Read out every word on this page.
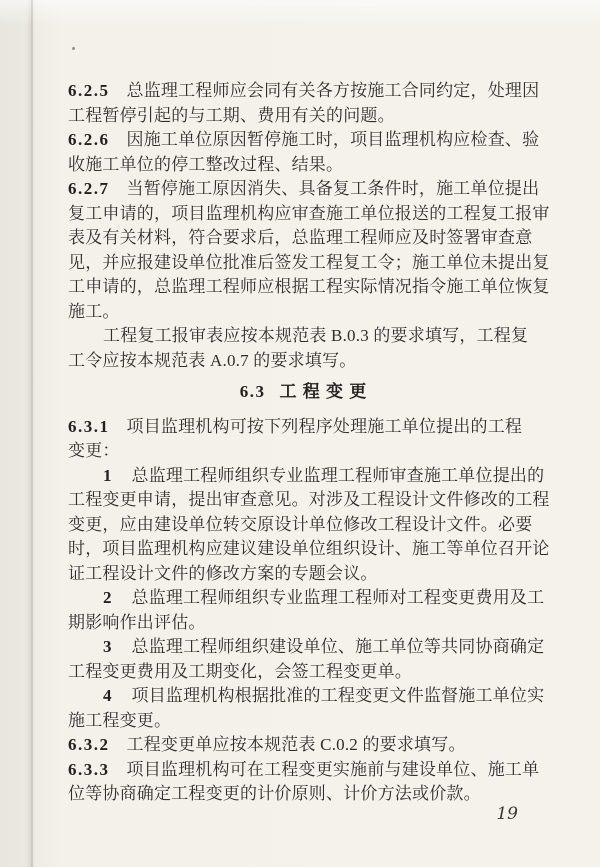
6.2.5 总监理工程师应会同有关各方按施工合同约定，处理因
工程暂停引起的与工期、费用有关的问题。
6.2.6 因施工单位原因暂停施工时，项目监理机构应检查、验
收施工单位的停工整改过程、结果。
6.2.7 当暂停施工原因消失、具备复工条件时，施工单位提出
复工申请的，项目监理机构应审查施工单位报送的工程复工报审
表及有关材料，符合要求后，总监理工程师应及时签署审查意
见，并应报建设单位批准后签发工程复工令；施工单位未提出复
工申请的，总监理工程师应根据工程实际情况指令施工单位恢复
施工。
工程复工报审表应按本规范表 B.0.3 的要求填写，工程复
工令应按本规范表 A.0.7 的要求填写。
6.3 工 程 变 更
6.3.1 项目监理机构可按下列程序处理施工单位提出的工程
变更：
1 总监理工程师组织专业监理工程师审查施工单位提出的
工程变更申请，提出审查意见。对涉及工程设计文件修改的工程
变更，应由建设单位转交原设计单位修改工程设计文件。必要
时，项目监理机构应建议建设单位组织设计、施工等单位召开论
证工程设计文件的修改方案的专题会议。
2 总监理工程师组织专业监理工程师对工程变更费用及工
期影响作出评估。
3 总监理工程师组织建设单位、施工单位等共同协商确定
工程变更费用及工期变化，会签工程变更单。
4 项目监理机构根据批准的工程变更文件监督施工单位实
施工程变更。
6.3.2 工程变更单应按本规范表 C.0.2 的要求填写。
6.3.3 项目监理机构可在工程变更实施前与建设单位、施工单
位等协商确定工程变更的计价原则、计价方法或价款。
19
